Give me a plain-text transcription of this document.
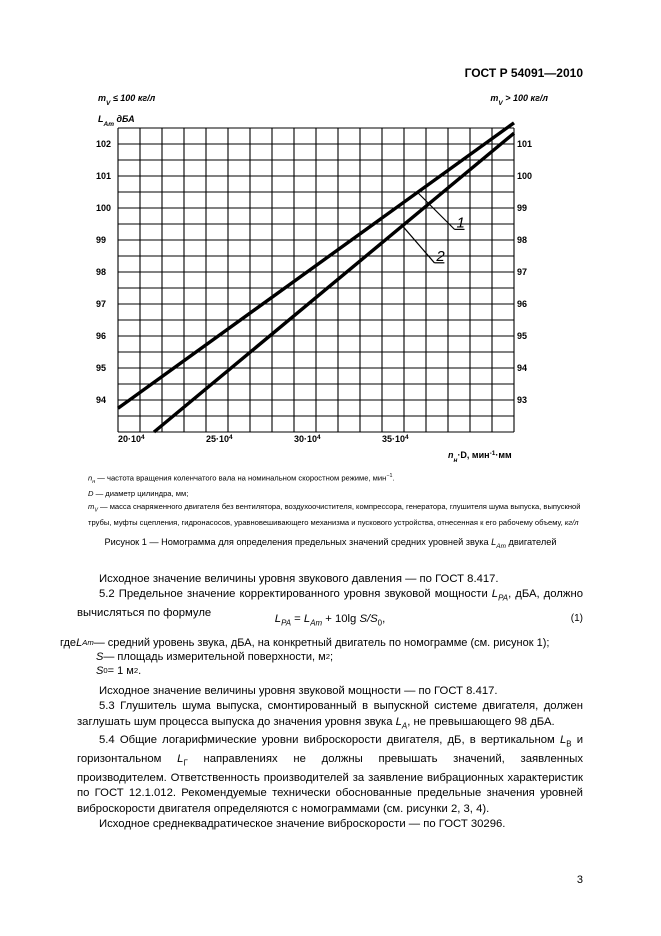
ГОСТ Р 54091—2010
$m_V \le 100$ кг/л	$m_V > 100$ кг/л
$L_{Am}$ дБА
102	101
101	100
100	99
99	98
98	97
97	96
96	95
95	94
94	93
$20\cdot 10^4$	$25\cdot 10^4$	$30\cdot 10^4$	$35\cdot 10^4$
$n_н\cdot D$, мин$^{-1}$·мм
1
2
$n_н$ — частота вращения коленчатого вала на номинальном скоростном режиме, мин$^{-1}$.
D — диаметр цилиндра, мм;
$m_V$ — масса снаряженного двигателя без вентилятора, воздухоочистителя, компрессора, генератора, глушителя шума выпуска, выпускной трубы, муфты сцепления, гидронасосов, уравновешивающего механизма и пускового устройства, отнесенная к его рабочему объему, кг/л
Рисунок 1 — Номограмма для определения предельных значений средних уровней звука $L_{Am}$ двигателей

Исходное значение величины уровня звукового давления — по ГОСТ 8.417.

5.2 Предельное значение корректированного уровня звуковой мощности $L_{PA}$, дБА, должно вычисляться по формуле	$L_{PA} = L_{Am} + 10\lg$ $S/S_0$,	(1)
где L Am — средний уровень звука, дБА, на конкретный двигатель по номограмме (см. рисунок 1);
S — площадь измерительной поверхности, м 2 ;
S 0 = 1 м 2 .

Исходное значение величины уровня звуковой мощности — по ГОСТ 8.417.

5.3 Глушитель шума выпуска, смонтированный в выпускной системе двигателя, должен заглушать шум процесса выпуска до значения уровня звука $L_A$, не превышающего 98 дБА.

5.4 Общие логарифмические уровни виброскорости двигателя, дБ, в вертикальном $L_B$ и горизонтальном $L_Г$ направлениях не должны превышать значений, заявленных производителем. Ответственность производителей за заявление вибрационных характеристик по ГОСТ 12.1.012. Рекомендуемые технически обоснованные предельные значения уровней виброскорости двигателя определяются с номограммами (см. рисунки 2, 3, 4).

Исходное среднеквадратическое значение виброскорости — по ГОСТ 30296.

3
